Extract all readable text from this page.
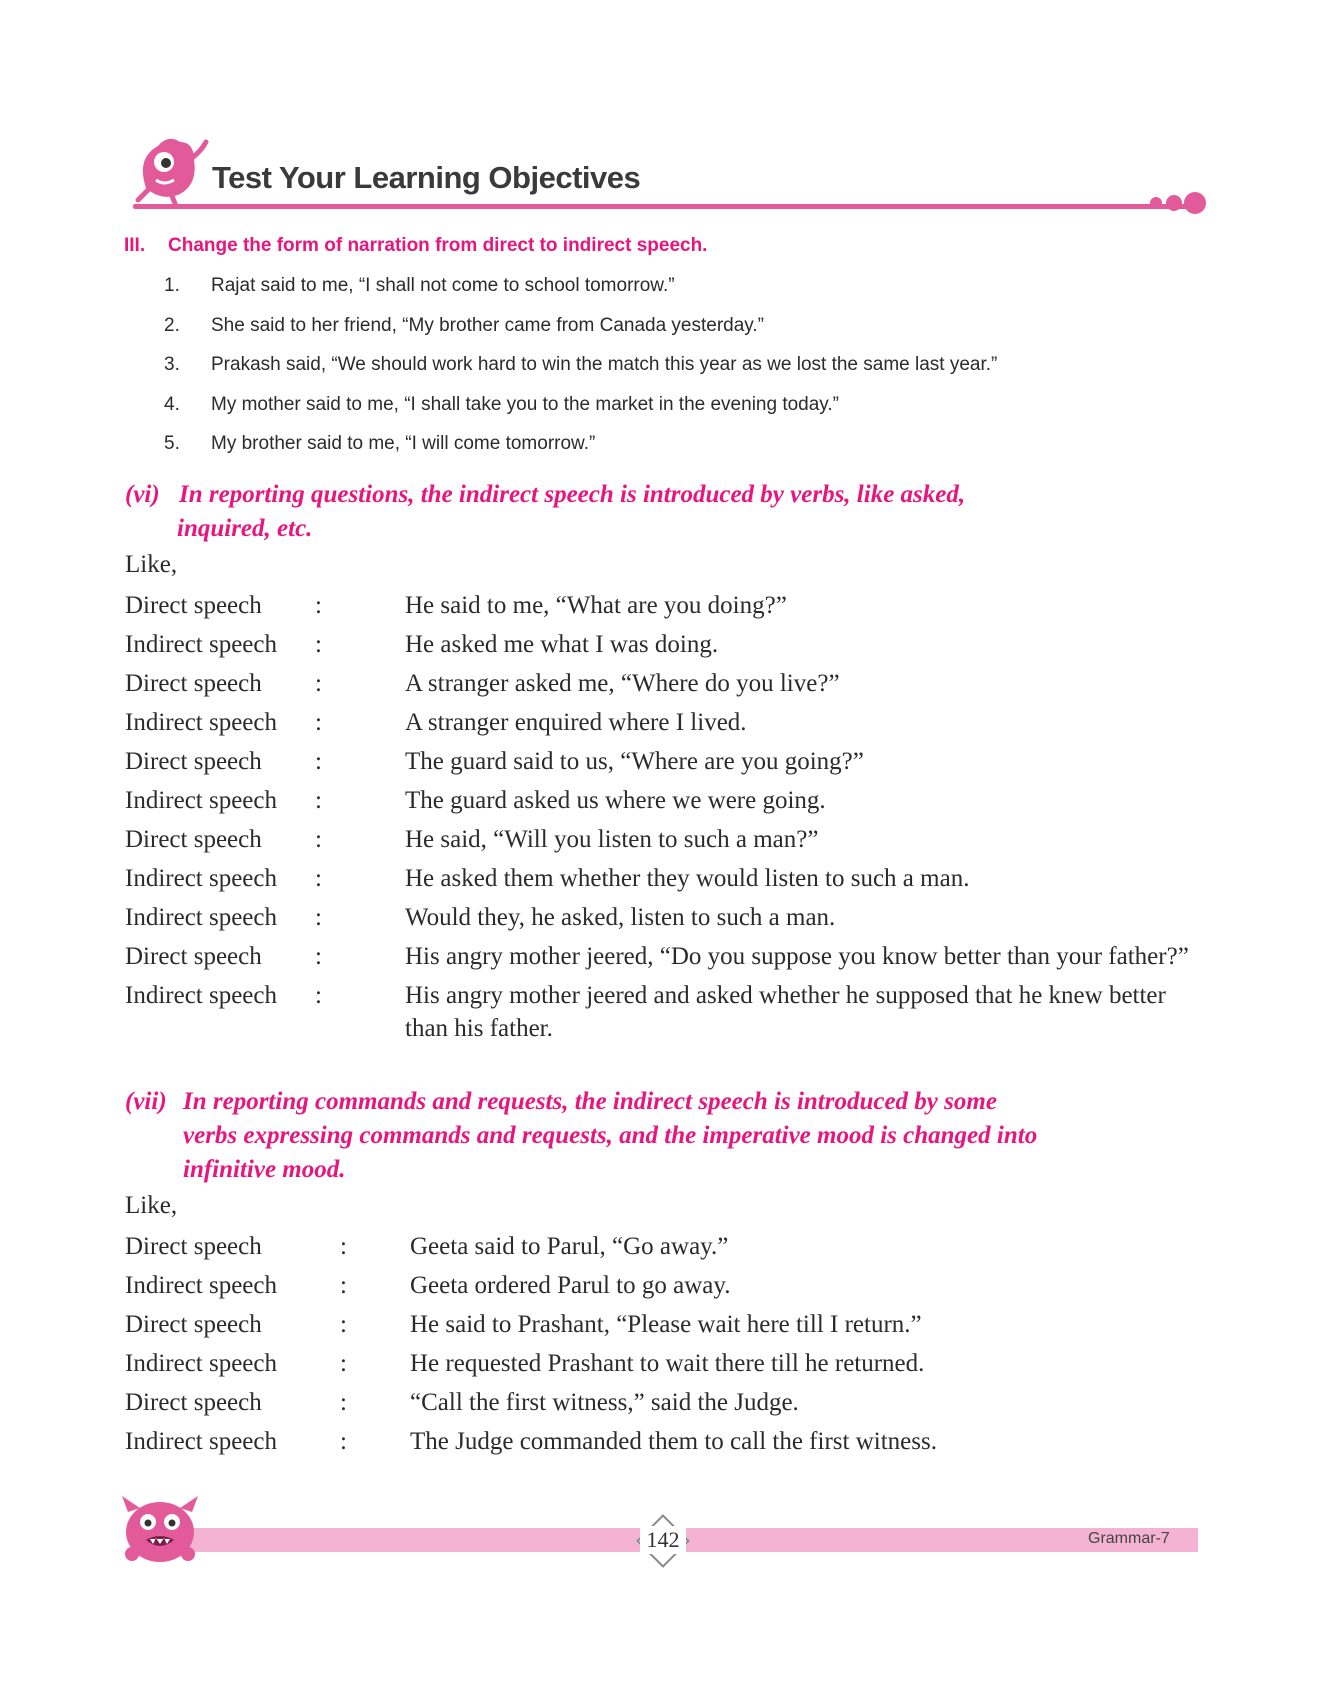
Test Your Learning Objectives
III. Change the form of narration from direct to indirect speech.
1. Rajat said to me, “I shall not come to school tomorrow.”
2. She said to her friend, “My brother came from Canada yesterday.”
3. Prakash said, “We should work hard to win the match this year as we lost the same last year.”
4. My mother said to me, “I shall take you to the market in the evening today.”
5. My brother said to me, “I will come tomorrow.”
(vi) In reporting questions, the indirect speech is introduced by verbs, like asked,
inquired, etc.
Like,
Direct speech	:	He said to me, “What are you doing?”
Indirect speech	:	He asked me what I was doing.
Direct speech	:	A stranger asked me, “Where do you live?”
Indirect speech	:	A stranger enquired where I lived.
Direct speech	:	The guard said to us, “Where are you going?”
Indirect speech	:	The guard asked us where we were going.
Direct speech	:	He said, “Will you listen to such a man?”
Indirect speech	:	He asked them whether they would listen to such a man.
Indirect speech	:	Would they, he asked, listen to such a man.
Direct speech	:	His angry mother jeered, “Do you suppose you know better than your father?”
Indirect speech	:	His angry mother jeered and asked whether he supposed that he knew better than his father.
(vii) In reporting commands and requests, the indirect speech is introduced by some
verbs expressing commands and requests, and the imperative mood is changed into
infinitive mood.
Like,
Direct speech	:	Geeta said to Parul, “Go away.”
Indirect speech	:	Geeta ordered Parul to go away.
Direct speech	:	He said to Prashant, “Please wait here till I return.”
Indirect speech	:	He requested Prashant to wait there till he returned.
Direct speech	:	“Call the first witness,” said the Judge.
Indirect speech	:	The Judge commanded them to call the first witness.
142	Grammar-7
